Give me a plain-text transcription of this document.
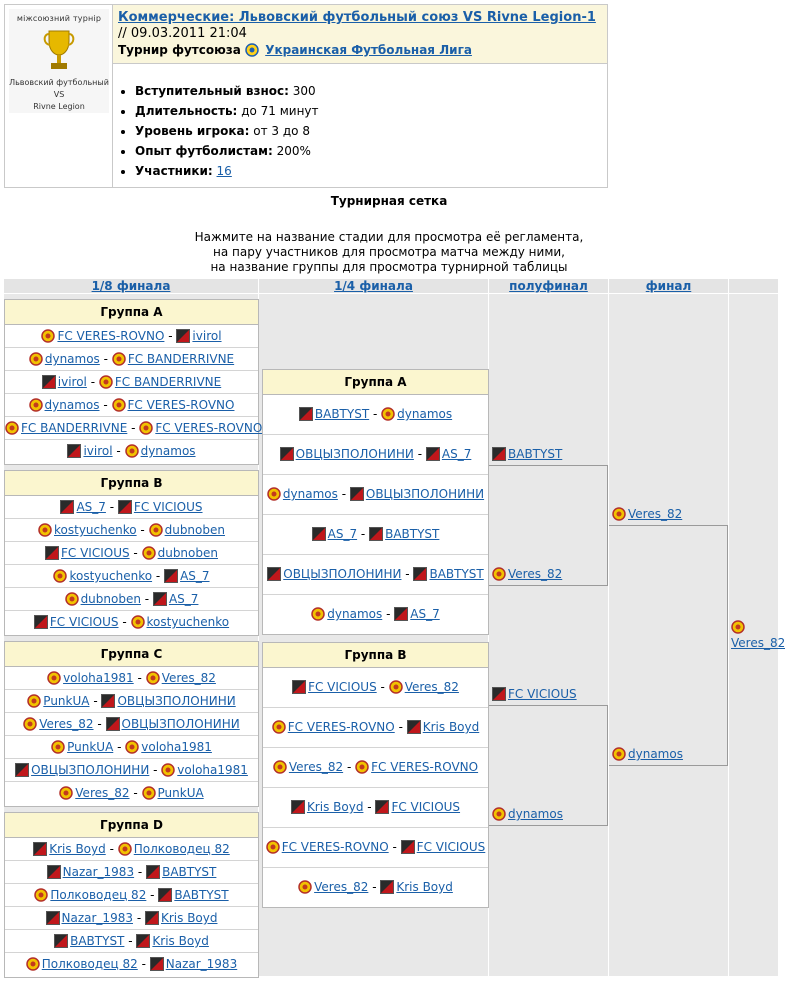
міжсоюзний турнір
Львовский футбольный
VS
Rivne Legion
Коммерческие: Львовский футбольный союз VS Rivne Legion-1 // 09.03.2011 21:04
Турнир футсоюза Украинская Футбольная Лига
• Вступительный взнос: 300
• Длительность: до 71 минут
• Уровень игрока: от 3 до 8
• Опыт футболистам: 200%
• Участники: 16
Турнирная сетка
Нажмите на название стадии для просмотра её регламента,
на пару участников для просмотра матча между ними,
на название группы для просмотра турнирной таблицы
1/8 финала	1/4 финала	полуфинал	финал
Группа A
FC VERES-ROVNO - ivirol
dynamos - FC BANDERRIVNE
ivirol - FC BANDERRIVNE
dynamos - FC VERES-ROVNO
FC BANDERRIVNE - FC VERES-ROVNO
ivirol - dynamos
Группа B
AS_7 - FC VICIOUS
kostyuchenko - dubnoben
FC VICIOUS - dubnoben
kostyuchenko - AS_7
dubnoben - AS_7
FC VICIOUS - kostyuchenko
Группа C
voloha1981 - Veres_82
PunkUA - ОВЦЫЗПОЛОНИНИ
Veres_82 - ОВЦЫЗПОЛОНИНИ
PunkUA - voloha1981
ОВЦЫЗПОЛОНИНИ - voloha1981
Veres_82 - PunkUA
Группа D
Kris Boyd - Полководец 82
Nazar_1983 - BABTYST
Полководец 82 - BABTYST
Nazar_1983 - Kris Boyd
BABTYST - Kris Boyd
Полководец 82 - Nazar_1983
Группа A
BABTYST - dynamos
ОВЦЫЗПОЛОНИНИ - AS_7
dynamos - ОВЦЫЗПОЛОНИНИ
AS_7 - BABTYST
ОВЦЫЗПОЛОНИНИ - BABTYST
dynamos - AS_7
Группа B
FC VICIOUS - Veres_82
FC VERES-ROVNO - Kris Boyd
Veres_82 - FC VERES-ROVNO
Kris Boyd - FC VICIOUS
FC VERES-ROVNO - FC VICIOUS
Veres_82 - Kris Boyd
BABTYST
Veres_82
FC VICIOUS
dynamos
Veres_82
dynamos

Veres_82
